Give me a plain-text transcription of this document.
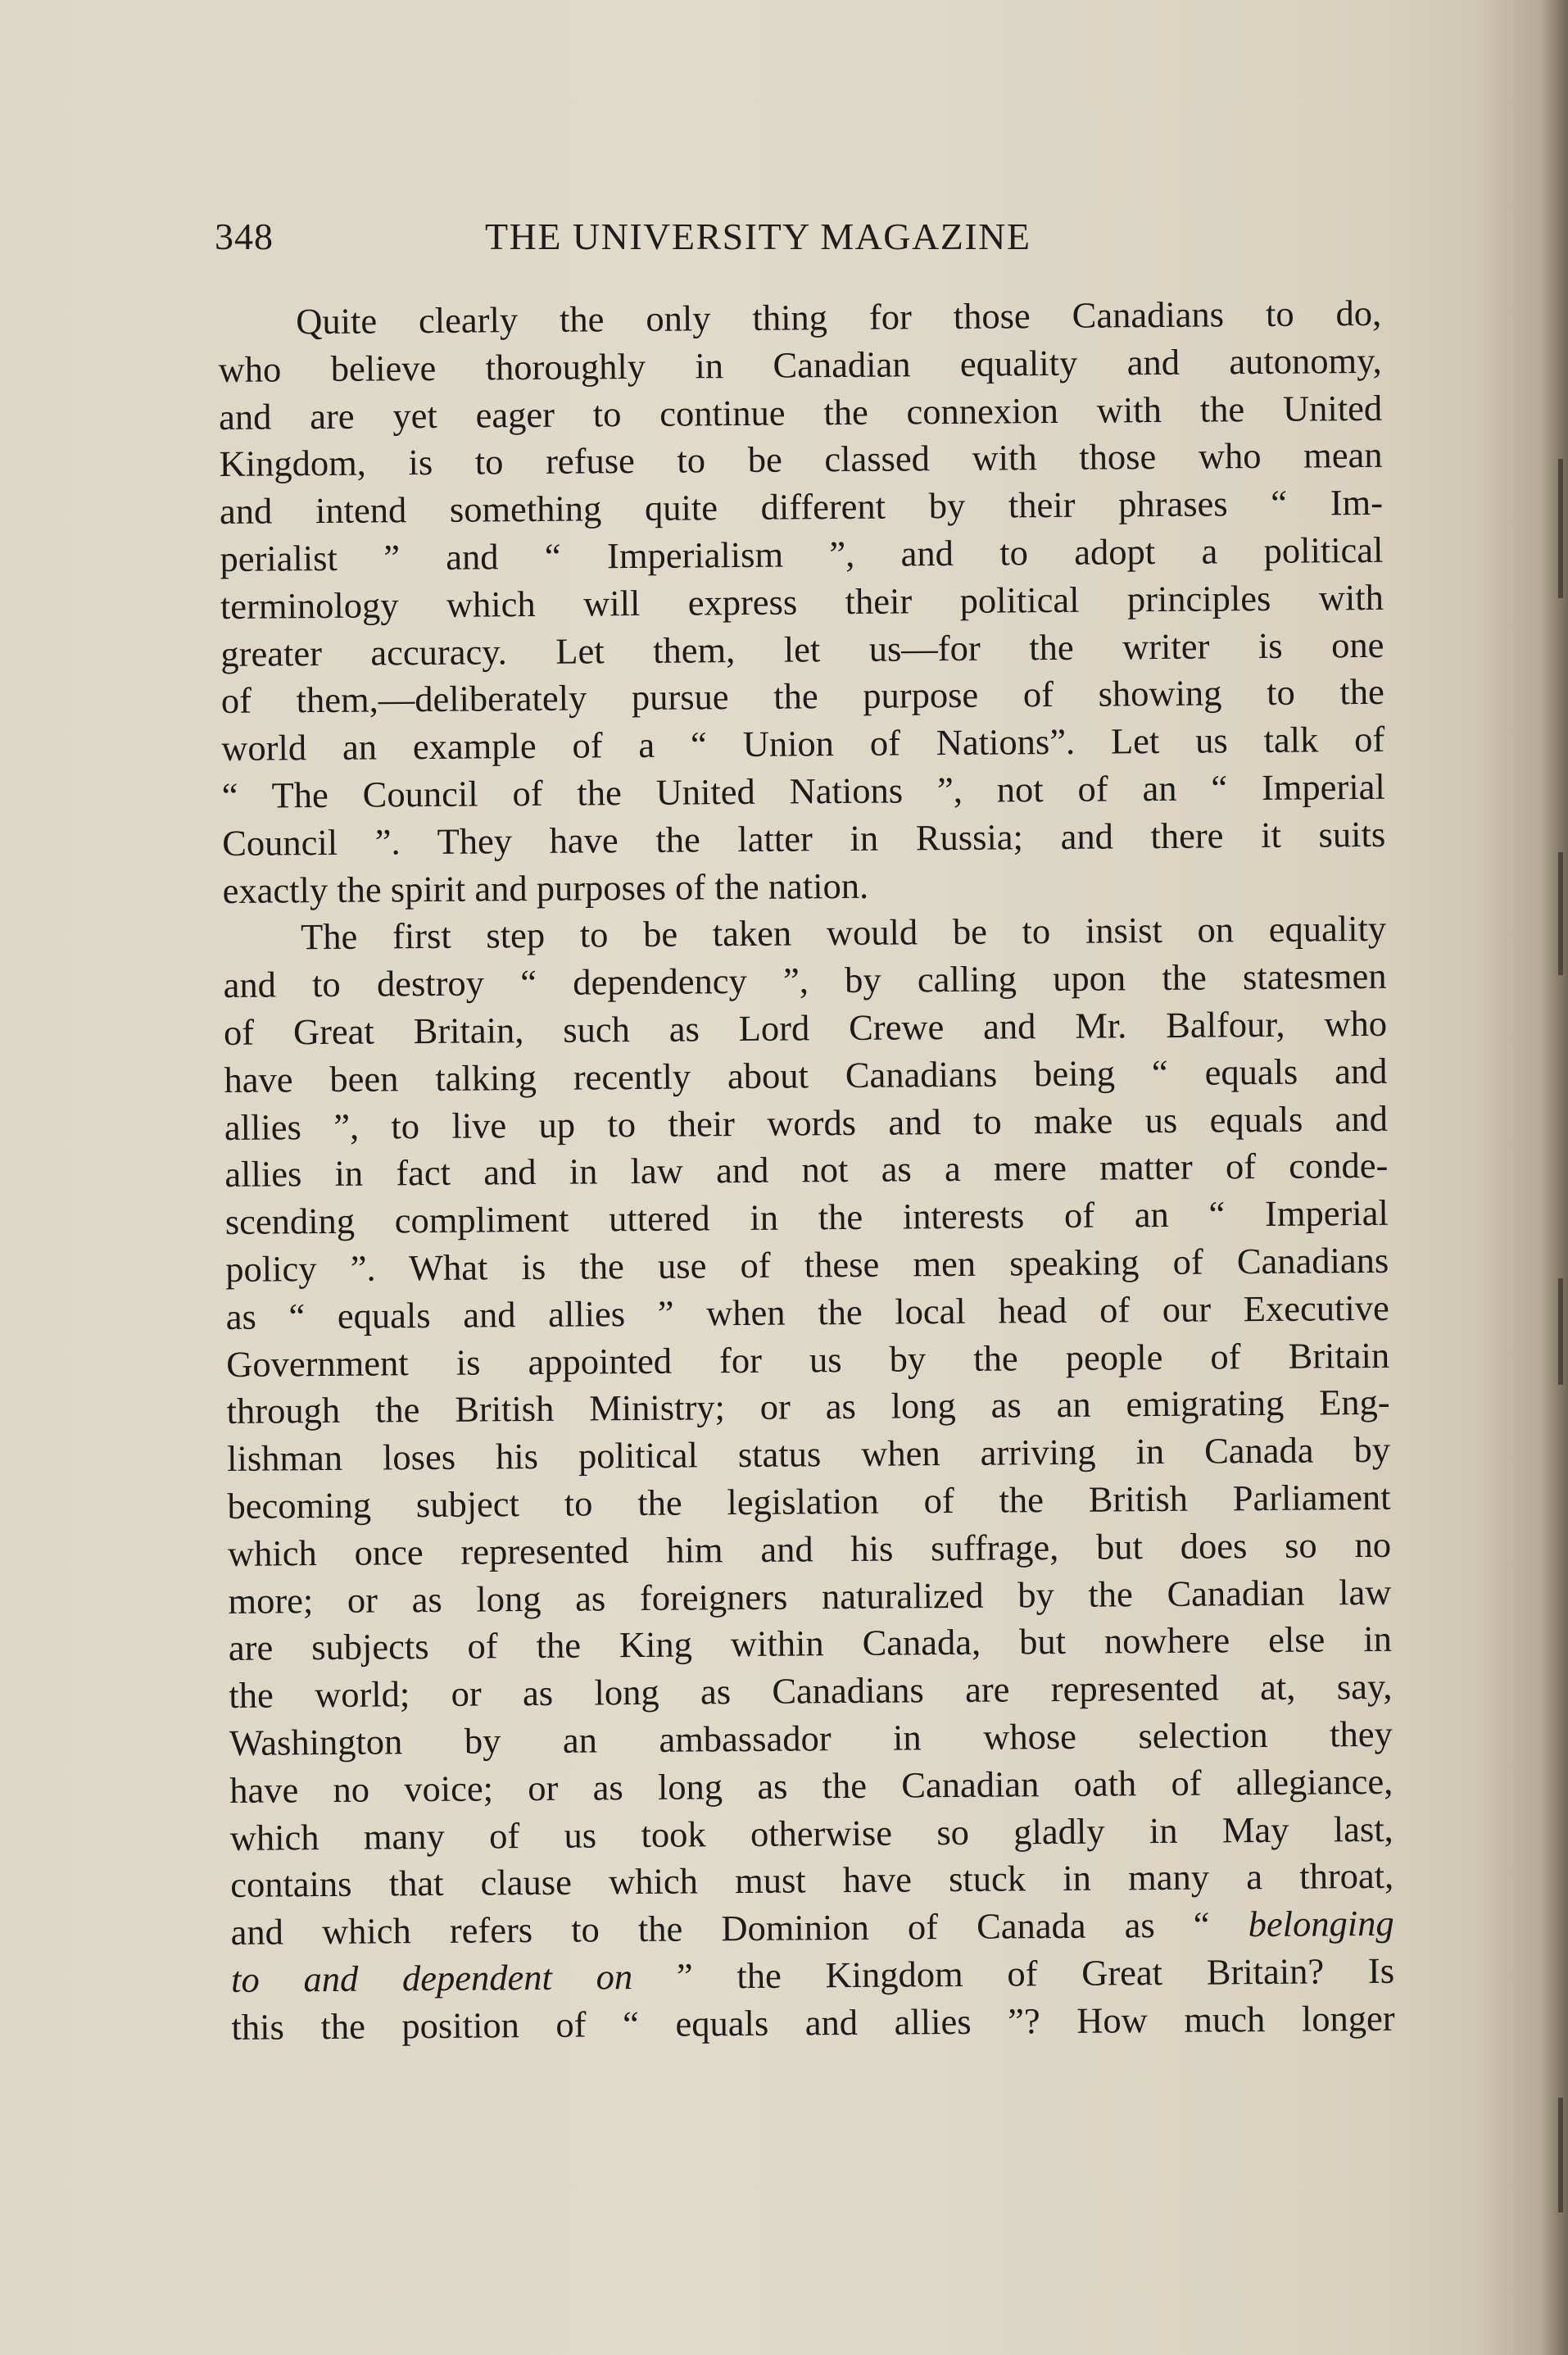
348	THE UNIVERSITY MAGAZINE
Quite clearly the only thing for those Canadians to do,
who believe thoroughly in Canadian equality and autonomy,
and are yet eager to continue the connexion with the United
Kingdom, is to refuse to be classed with those who mean
and intend something quite different by their phrases “ Im-
perialist ” and “ Imperialism ”, and to adopt a political
terminology which will express their political principles with
greater accuracy. Let them, let us—for the writer is one
of them,—deliberately pursue the purpose of showing to the
world an example of a “ Union of Nations”. Let us talk of
“ The Council of the United Nations ”, not of an “ Imperial
Council ”. They have the latter in Russia; and there it suits
exactly the spirit and purposes of the nation.
The first step to be taken would be to insist on equality
and to destroy “ dependency ”, by calling upon the statesmen
of Great Britain, such as Lord Crewe and Mr. Balfour, who
have been talking recently about Canadians being “ equals and
allies ”, to live up to their words and to make us equals and
allies in fact and in law and not as a mere matter of conde-
scending compliment uttered in the interests of an “ Imperial
policy ”. What is the use of these men speaking of Canadians
as “ equals and allies ” when the local head of our Executive
Government is appointed for us by the people of Britain
through the British Ministry; or as long as an emigrating Eng-
lishman loses his political status when arriving in Canada by
becoming subject to the legislation of the British Parliament
which once represented him and his suffrage, but does so no
more; or as long as foreigners naturalized by the Canadian law
are subjects of the King within Canada, but nowhere else in
the world; or as long as Canadians are represented at, say,
Washington by an ambassador in whose selection they
have no voice; or as long as the Canadian oath of allegiance,
which many of us took otherwise so gladly in May last,
contains that clause which must have stuck in many a throat,
and which refers to the Dominion of Canada as “ belonging
to and dependent on ” the Kingdom of Great Britain? Is
this the position of “ equals and allies ”? How much longer
